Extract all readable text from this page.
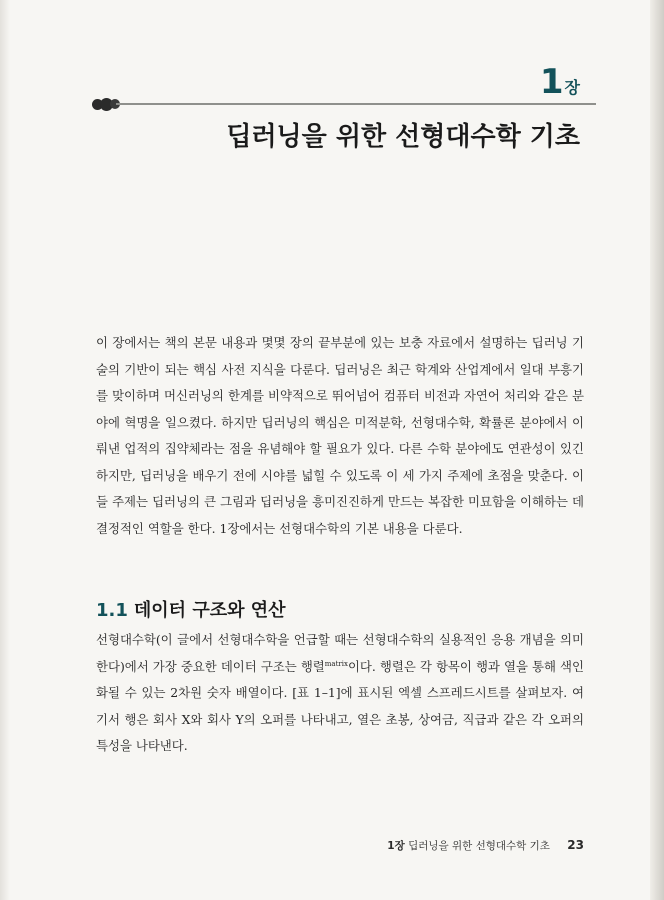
1 장
딥러닝을 위한 선형대수학 기초

이 장에서는 책의 본문 내용과 몇몇 장의 끝부분에 있는 보충 자료에서 설명하는 딥러닝 기술의 기반이 되는 핵심 사전 지식을 다룬다. 딥러닝은 최근 학계와 산업계에서 일대 부흥기를 맞이하며 머신러닝의 한계를 비약적으로 뛰어넘어 컴퓨터 비전과 자연어 처리와 같은 분야에 혁명을 일으켰다. 하지만 딥러닝의 핵심은 미적분학, 선형대수학, 확률론 분야에서 이뤄낸 업적의 집약체라는 점을 유념해야 할 필요가 있다. 다른 수학 분야에도 연관성이 있긴 하지만, 딥러닝을 배우기 전에 시야를 넓힐 수 있도록 이 세 가지 주제에 초점을 맞춘다. 이들 주제는 딥러닝의 큰 그림과 딥러닝을 흥미진진하게 만드는 복잡한 미묘함을 이해하는 데 결정적인 역할을 한다. 1장에서는 선형대수학의 기본 내용을 다룬다.

1.1 데이터 구조와 연산

선형대수학(이 글에서 선형대수학을 언급할 때는 선형대수학의 실용적인 응용 개념을 의미한다)에서 가장 중요한 데이터 구조는 행렬$^{matrix}$이다. 행렬은 각 항목이 행과 열을 통해 색인화될 수 있는 2차원 숫자 배열이다. [표 1–1]에 표시된 엑셀 스프레드시트를 살펴보자. 여기서 행은 회사 X와 회사 Y의 오퍼를 나타내고, 열은 초봉, 상여금, 직급과 같은 각 오퍼의 특성을 나타낸다.

1장 딥러닝을 위한 선형대수학 기초 23
